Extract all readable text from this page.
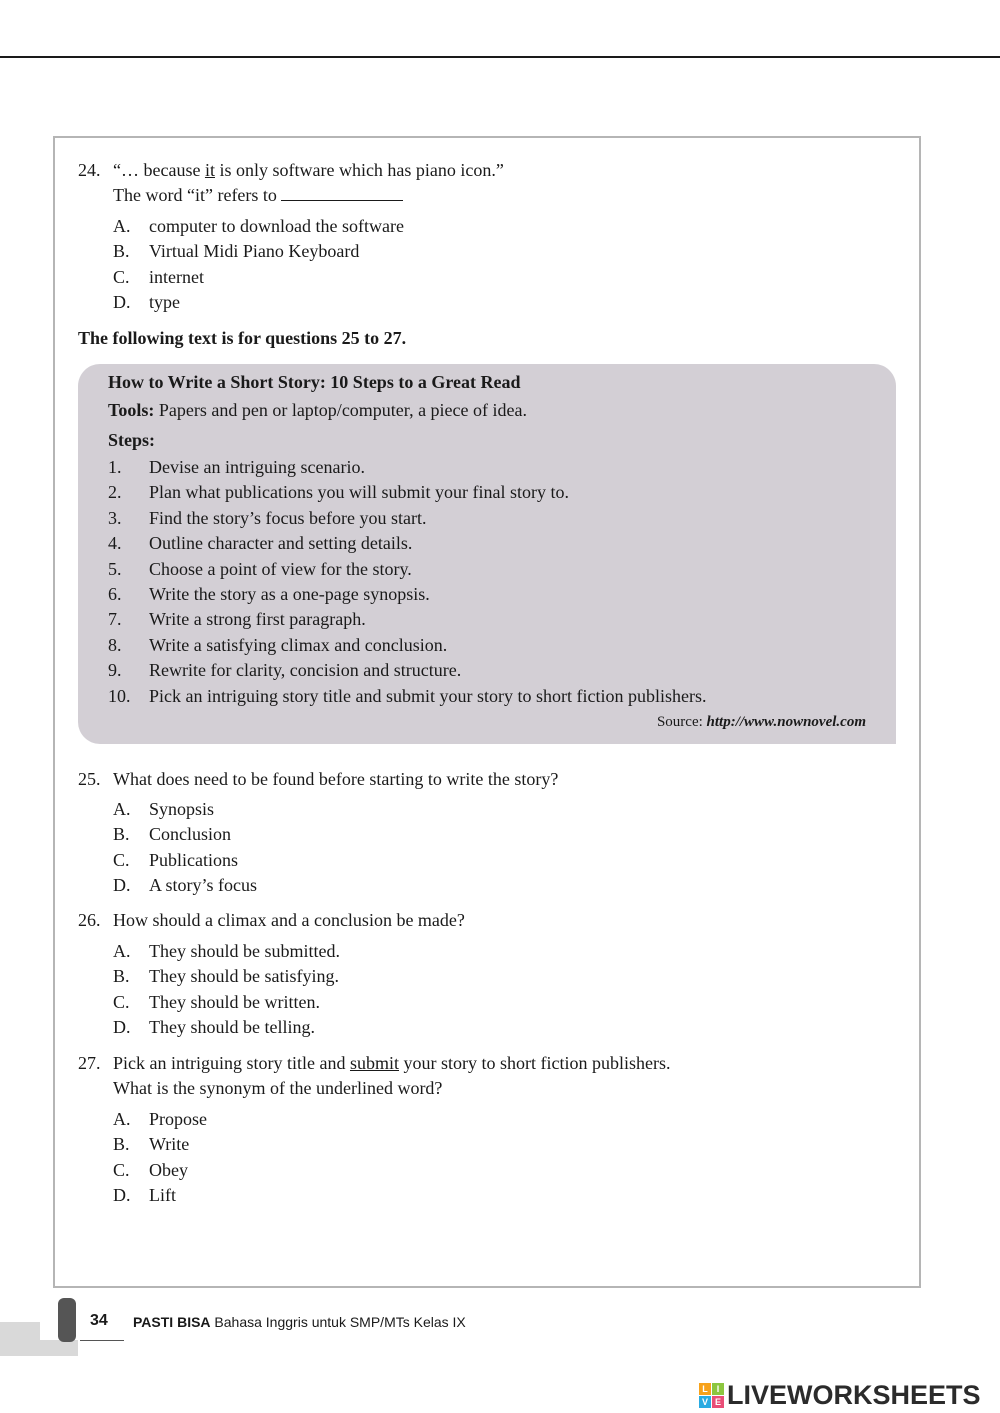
24. “… because it is only software which has piano icon.”
The word “it” refers to
A. computer to download the software
B. Virtual Midi Piano Keyboard
C. internet
D. type
The following text is for questions 25 to 27.
How to Write a Short Story: 10 Steps to a Great Read
Tools: Papers and pen or laptop/computer, a piece of idea.
Steps:
1. Devise an intriguing scenario.
2. Plan what publications you will submit your final story to.
3. Find the story’s focus before you start.
4. Outline character and setting details.
5. Choose a point of view for the story.
6. Write the story as a one-page synopsis.
7. Write a strong first paragraph.
8. Write a satisfying climax and conclusion.
9. Rewrite for clarity, concision and structure.
10. Pick an intriguing story title and submit your story to short fiction publishers.
Source: http://www.nownovel.com
25. What does need to be found before starting to write the story?
A. Synopsis
B. Conclusion
C. Publications
D. A story’s focus
26. How should a climax and a conclusion be made?
A. They should be submitted.
B. They should be satisfying.
C. They should be written.
D. They should be telling.
27. Pick an intriguing story title and submit your story to short fiction publishers.
What is the synonym of the underlined word?
A. Propose
B. Write
C. Obey
D. Lift
34 PASTI BISA Bahasa Inggris untuk SMP/MTs Kelas IX
L I
V E LIVEWORKSHEETS
